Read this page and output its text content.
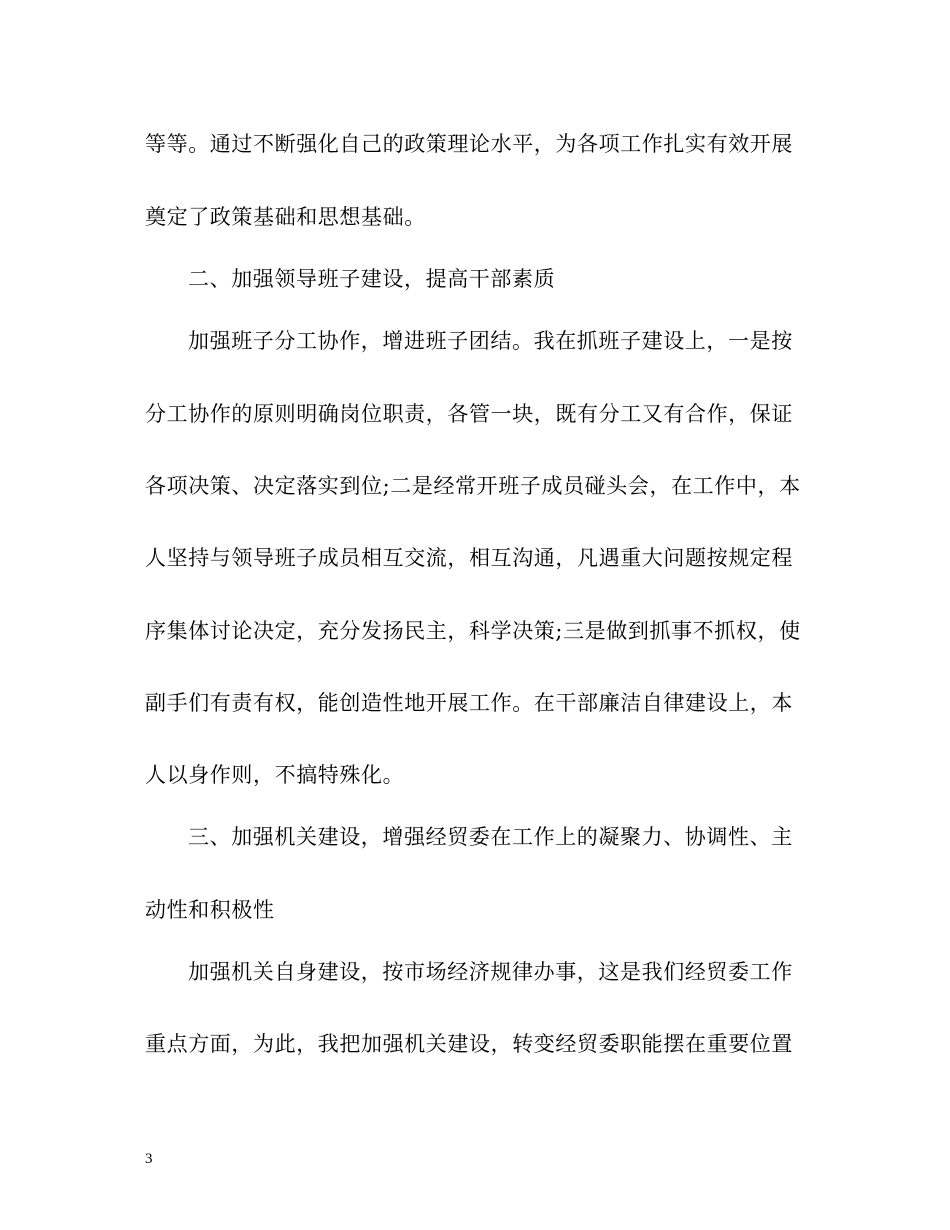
等等。通过不断强化自己的政策理论水平，为各项工作扎实有效开展
奠定了政策基础和思想基础。
二、加强领导班子建设，提高干部素质
加强班子分工协作，增进班子团结。我在抓班子建设上，一是按
分工协作的原则明确岗位职责，各管一块，既有分工又有合作，保证
各项决策、决定落实到位;二是经常开班子成员碰头会，在工作中，本
人坚持与领导班子成员相互交流，相互沟通，凡遇重大问题按规定程
序集体讨论决定，充分发扬民主，科学决策;三是做到抓事不抓权，使
副手们有责有权，能创造性地开展工作。在干部廉洁自律建设上，本
人以身作则，不搞特殊化。
三、加强机关建设，增强经贸委在工作上的凝聚力、协调性、主
动性和积极性
加强机关自身建设，按市场经济规律办事，这是我们经贸委工作
重点方面，为此，我把加强机关建设，转变经贸委职能摆在重要位置
3
